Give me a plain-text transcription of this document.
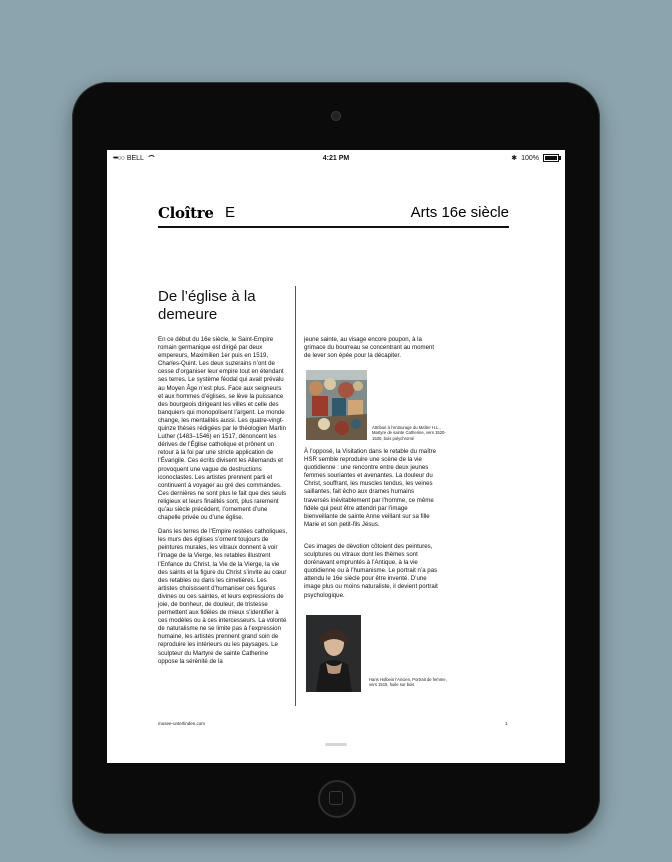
•••○○ BELL	4:21 PM	✱ 100%
Cloître E	Arts 16e siècle
De l’église à la demeure

En ce début du 16e siècle, le Saint-Empire romain germanique est dirigé par deux empereurs, Maximilien 1er puis en 1519, Charles-Quint. Les deux suzerains n’ont de cesse d’organiser leur empire tout en étendant ses terres. Le système féodal qui avait prévalu au Moyen Âge n’est plus. Face aux seigneurs et aux hommes d’églises, se lève la puissance des bourgeois dirigeant les villes et celle des banquiers qui monopolisent l’argent. Le monde change, les mentalités aussi. Les quatre-vingt-quinze thèses rédigées par le théologien Martin Luther (1483–1546) en 1517, dénoncent les dérives de l’Église catholique et prônent un retour à la foi par une stricte application de l’Évangile. Ces écrits divisent les Allemands et provoquent une vague de destructions iconoclastes. Les artistes prennent parti et continuent à voyager au gré des commandes. Ces dernières ne sont plus le fait que des seuls religieux et leurs finalités sont, plus rarement qu’au siècle précédent, l’ornement d’une chapelle privée ou d’une église.

Dans les terres de l’Empire restées catholiques, les murs des églises s’ornent toujours de peintures murales, les vitraux donnent à voir l’image de la Vierge, les retables illustrent l’Enfance du Christ, la Vie de la Vierge, la vie des saints et la figure du Christ s’invite au cœur des retables ou dans les cimetières. Les artistes choisissent d’humaniser ces figures divines ou ces saintes, et leurs expressions de joie, de bonheur, de douleur, de tristesse permettent aux fidèles de mieux s’identifier à ces modèles ou à ces intercesseurs. La volonté de naturalisme ne se limite pas à l’expression humaine, les artistes prennent grand soin de reproduire les intérieurs ou les paysages. Le sculpteur du Martyre de sainte Catherine oppose la sérénité de la

jeune sainte, au visage encore poupon, à la grimace du bourreau se concentrant au moment de lever son épée pour la décapiter.

Attribué à l’entourage du Maître H.L., Martyre de sainte Catherine, vers 1520-1530, bois polychromé

À l’opposé, la Visitation dans le retable du maître HSR semble reproduire une scène de la vie quotidienne : une rencontre entre deux jeunes femmes souriantes et avenantes. La douleur du Christ, souffrant, les muscles tendus, les veines saillantes, fait écho aux drames humains traversés inévitablement par l’homme, ce même fidèle qui peut être attendri par l’image bienveillante de sainte Anne veillant sur sa fille Marie et son petit-fils Jésus.

Ces images de dévotion côtoient des peintures, sculptures ou vitraux dont les thèmes sont dorénavant empruntés à l’Antique, à la vie quotidienne ou à l’humanisme. Le portrait n’a pas attendu le 16e siècle pour être inventé. D’une image plus ou moins naturaliste, il devient portrait psychologique.

Hans Holbein l’Ancien, Portrait de femme, vers 1515, huile sur bois
musee-unterlinden.com	1
